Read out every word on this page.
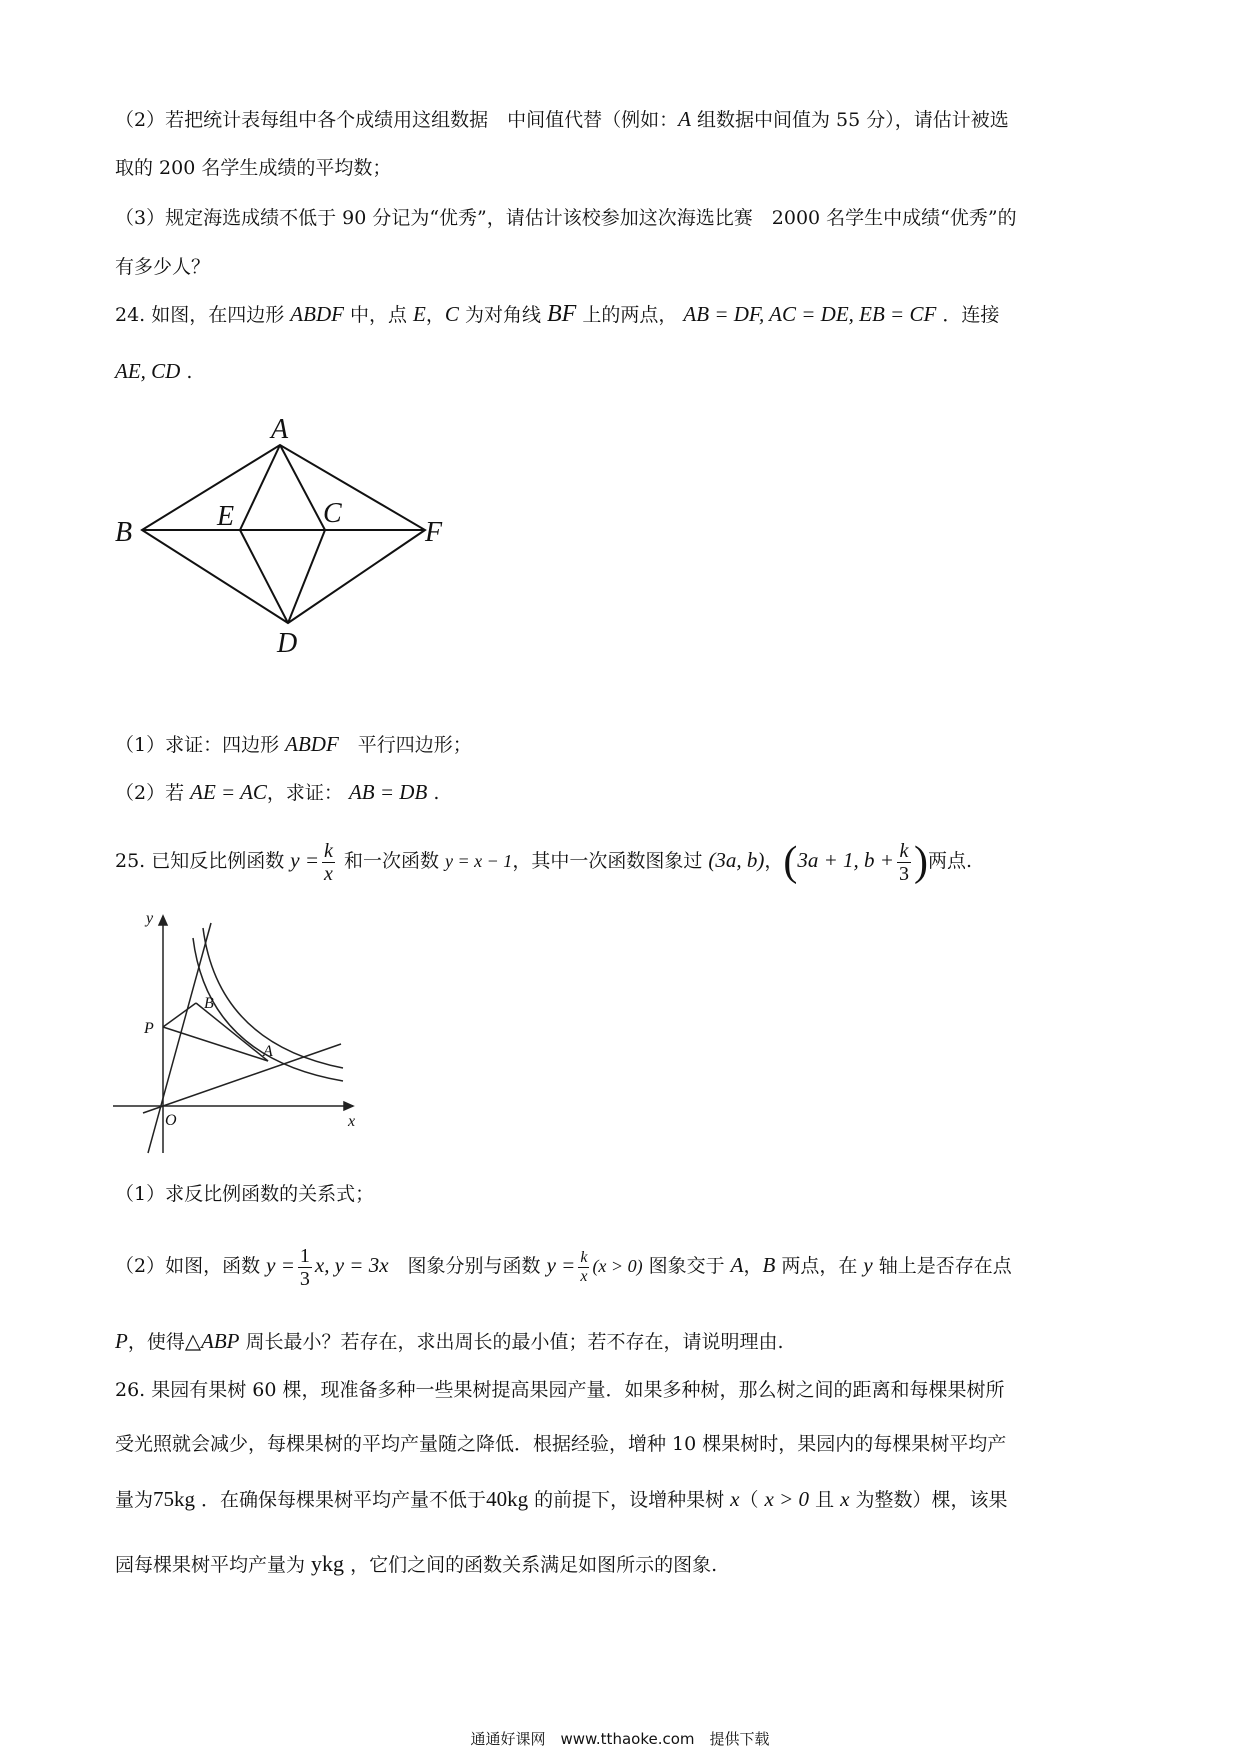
（2）若把统计表每组中各个成绩用这组数据　中间值代替（例如：A 组数据中间值为 55 分），请估计被选
取的 200 名学生成绩的平均数；
（3）规定海选成绩不低于 90 分记为“优秀”，请估计该校参加这次海选比赛　2000 名学生中成绩“优秀”的
有多少人？
24. 如图，在四边形 ABDF 中，点 E，C 为对角线 BF 上的两点， AB = DF, AC = DE, EB = CF ．连接
AE, CD .
A
B
C
D
E
F
（1）求证：四边形 ABDF　平行四边形；
（2）若 AE = AC，求证： AB = DB .
25. 已知反比例函数 $y = \frac{k}{x}$ 和一次函数 y = x − 1，其中一次函数图象过 (3a, b)，(3a + 1, $b + \frac{k}{3}$ )两点.
y
x
O
P
A
B
（1）求反比例函数的关系式；
（2）如图，函数 $y = \frac{1}{3} x$, y = 3x　图象分别与函数 $y = \frac{k}{x} (x > 0)$ 图象交于 A，B 两点，在 y 轴上是否存在点
P，使得△ABP 周长最小？若存在，求出周长的最小值；若不存在，请说明理由.
26. 果园有果树 60 棵，现准备多种一些果树提高果园产量．如果多种树，那么树之间的距离和每棵果树所
受光照就会减少，每棵果树的平均产量随之降低．根据经验，增种 10 棵果树时，果园内的每棵果树平均产
量为75kg ．在确保每棵果树平均产量不低于40kg 的前提下，设增种果树 x（ x > 0 且 x 为整数）棵，该果
园每棵果树平均产量为 ykg ，它们之间的函数关系满足如图所示的图象.
通通好课网　www.tthaoke.com　提供下载
